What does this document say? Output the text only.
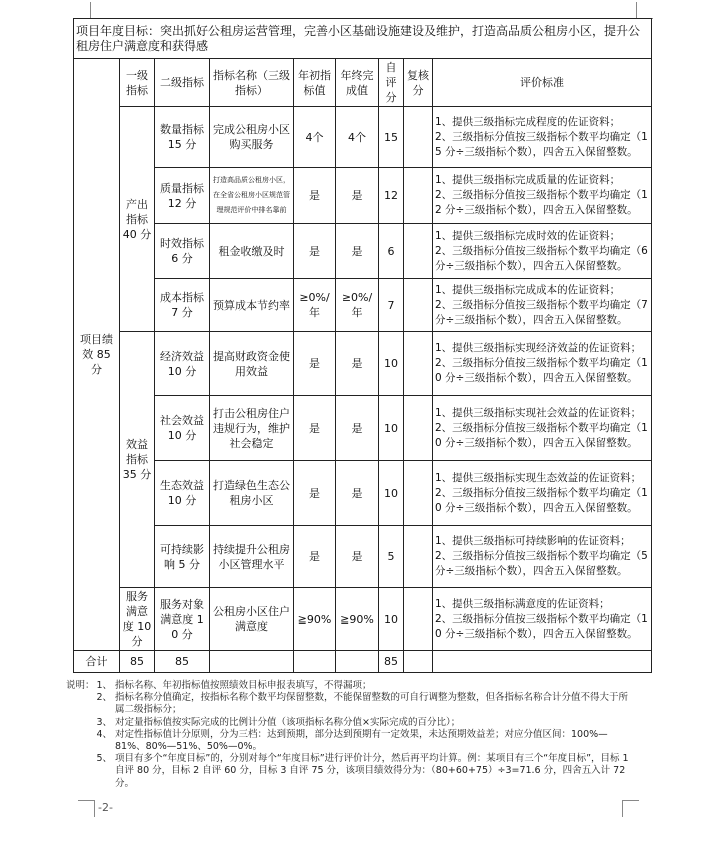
项目年度目标：突出抓好公租房运营管理，完善小区基础设施建设及维护，打造高品质公租房小区，提升公租房住户满意度和获得感								
项目绩效 85 分	一级指标	二级指标	指标名称（三级指标）	年初指标值	年终完成值	自评分	复核分	评价标准
	产出指标 40 分	数量指标 15 分	完成公租房小区购买服务	4个	4个	15		1、提供三级指标完成程度的佐证资料；
2、三级指标分值按三级指标个数平均确定（15 分÷三级指标个数），四舍五入保留整数。

		质量指标 12 分	打造高品质公租房小区，在全省公租房小区规范管理规范评价中排名靠前	是	是	12		1、提供三级指标完成质量的佐证资料；
2、三级指标分值按三级指标个数平均确定（12 分÷三级指标个数），四舍五入保留整数。

		时效指标 6 分	租金收缴及时	是	是	6		1、提供三级指标完成时效的佐证资料；
2、三级指标分值按三级指标个数平均确定（6 分÷三级指标个数），四舍五入保留整数。

		成本指标 7 分	预算成本节约率	≥0%/年	≥0%/年	7		1、提供三级指标完成成本的佐证资料；
2、三级指标分值按三级指标个数平均确定（7 分÷三级指标个数），四舍五入保留整数。

	效益指标 35 分	经济效益 10 分	提高财政资金使用效益	是	是	10		1、提供三级指标实现经济效益的佐证资料；
2、三级指标分值按三级指标个数平均确定（10 分÷三级指标个数），四舍五入保留整数。

		社会效益 10 分	打击公租房住户违规行为，维护社会稳定	是	是	10		1、提供三级指标实现社会效益的佐证资料；
2、三级指标分值按三级指标个数平均确定（10 分÷三级指标个数），四舍五入保留整数。

		生态效益 10 分	打造绿色生态公租房小区	是	是	10		1、提供三级指标实现生态效益的佐证资料；
2、三级指标分值按三级指标个数平均确定（10 分÷三级指标个数），四舍五入保留整数。

		可持续影响 5 分	持续提升公租房小区管理水平	是	是	5		1、提供三级指标可持续影响的佐证资料；
2、三级指标分值按三级指标个数平均确定（5 分÷三级指标个数），四舍五入保留整数。

	服务满意度 10 分	服务对象满意度 10 分	公租房小区住户满意度	≧90%	≧90%	10		1、提供三级指标满意度的佐证资料；
2、三级指标分值按三级指标个数平均确定（10 分÷三级指标个数），四舍五入保留整数。

合计	85	85				85		
说明： 1、 指标名称、年初指标值按照绩效目标申报表填写，不得漏项；
2、 指标名称分值确定，按指标名称个数平均保留整数，不能保留整数的可自行调整为整数，但各指标名称合计分值不得大于所属二级指标分；
3、 对定量指标值按实际完成的比例计分值（该项指标名称分值×实际完成的百分比）；
4、 对定性指标值计分原则，分为三档：达到预期，部分达到预期有一定效果，未达预期效益差；对应分值区间：100%—81%、80%—51%、50%—0%。
5、 项目有多个“年度目标”的，分别对每个“年度目标”进行评价计分，然后再平均计算。例：某项目有三个“年度目标”，目标 1 自评 80 分，目标 2 自评 60 分，目标 3 自评 75 分，该项目绩效得分为：（80+60+75）÷3=71.6 分，四舍五入计 72 分。
-2-
